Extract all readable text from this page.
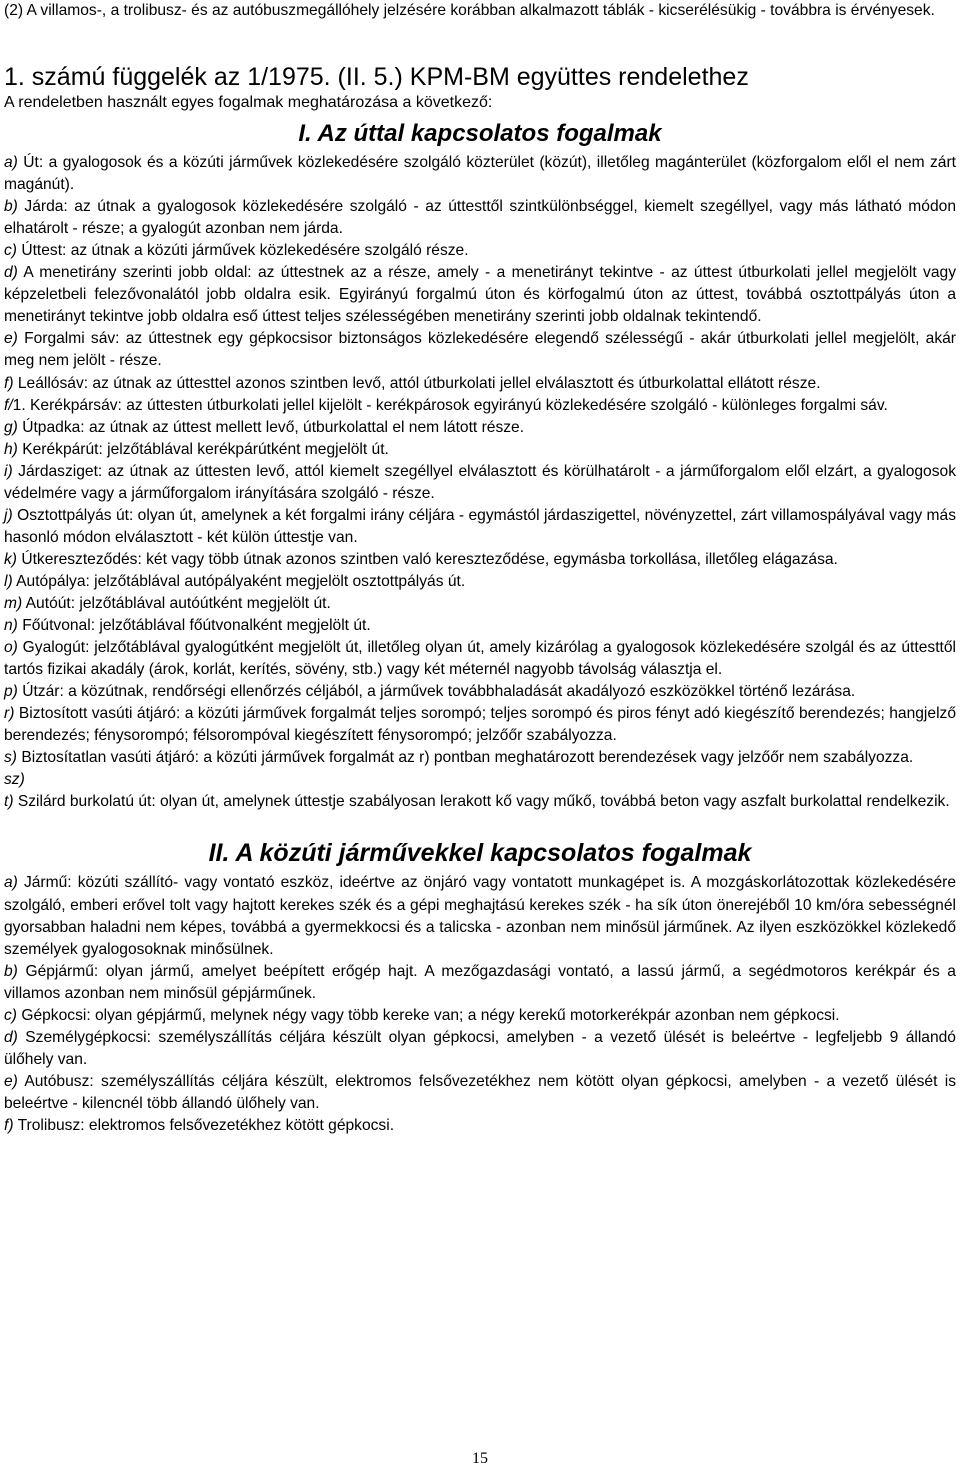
(2) A villamos-, a trolibusz- és az autóbuszmegállóhely jelzésére korábban alkalmazott táblák - kicserélésükig - továbbra is érvényesek.

1. számú függelék az 1/1975. (II. 5.) KPM-BM együttes rendelethez
A rendeletben használt egyes fogalmak meghatározása a következő:
I. Az úttal kapcsolatos fogalmak

a) Út: a gyalogosok és a közúti járművek közlekedésére szolgáló közterület (közút), illetőleg magánterület (közforgalom elől el nem zárt magánút).

b) Járda: az útnak a gyalogosok közlekedésére szolgáló - az úttesttől szintkülönbséggel, kiemelt szegéllyel, vagy más látható módon elhatárolt - része; a gyalogút azonban nem járda.

c) Úttest: az útnak a közúti járművek közlekedésére szolgáló része.

d) A menetirány szerinti jobb oldal: az úttestnek az a része, amely - a menetirányt tekintve - az úttest útburkolati jellel megjelölt vagy képzeletbeli felezővonalától jobb oldalra esik. Egyirányú forgalmú úton és körfogalmú úton az úttest, továbbá osztottpályás úton a menetirányt tekintve jobb oldalra eső úttest teljes szélességében menetirány szerinti jobb oldalnak tekintendő.

e) Forgalmi sáv: az úttestnek egy gépkocsisor biztonságos közlekedésére elegendő szélességű - akár útburkolati jellel megjelölt, akár meg nem jelölt - része.

f) Leállósáv: az útnak az úttesttel azonos szintben levő, attól útburkolati jellel elválasztott és útburkolattal ellátott része.

f/1. Kerékpársáv: az úttesten útburkolati jellel kijelölt - kerékpárosok egyirányú közlekedésére szolgáló - különleges forgalmi sáv.

g) Útpadka: az útnak az úttest mellett levő, útburkolattal el nem látott része.

h) Kerékpárút: jelzőtáblával kerékpárútként megjelölt út.

i) Járdasziget: az útnak az úttesten levő, attól kiemelt szegéllyel elválasztott és körülhatárolt - a járműforgalom elől elzárt, a gyalogosok védelmére vagy a járműforgalom irányítására szolgáló - része.

j) Osztottpályás út: olyan út, amelynek a két forgalmi irány céljára - egymástól járdaszigettel, növényzettel, zárt villamospályával vagy más hasonló módon elválasztott - két külön úttestje van.

k) Útkereszteződés: két vagy több útnak azonos szintben való kereszteződése, egymásba torkollása, illetőleg elágazása.

l) Autópálya: jelzőtáblával autópályaként megjelölt osztottpályás út.

m) Autóút: jelzőtáblával autóútként megjelölt út.

n) Főútvonal: jelzőtáblával főútvonalként megjelölt út.

o) Gyalogút: jelzőtáblával gyalogútként megjelölt út, illetőleg olyan út, amely kizárólag a gyalogosok közlekedésére szolgál és az úttesttől tartós fizikai akadály (árok, korlát, kerítés, sövény, stb.) vagy két méternél nagyobb távolság választja el.

p) Útzár: a közútnak, rendőrségi ellenőrzés céljából, a járművek továbbhaladását akadályozó eszközökkel történő lezárása.

r) Biztosított vasúti átjáró: a közúti járművek forgalmát teljes sorompó; teljes sorompó és piros fényt adó kiegészítő berendezés; hangjelző berendezés; fénysorompó; félsorompóval kiegészített fénysorompó; jelzőőr szabályozza.

s) Biztosítatlan vasúti átjáró: a közúti járművek forgalmát az r) pontban meghatározott berendezések vagy jelzőőr nem szabályozza.

sz)

t) Szilárd burkolatú út: olyan út, amelynek úttestje szabályosan lerakott kő vagy műkő, továbbá beton vagy aszfalt burkolattal rendelkezik.

II. A közúti járművekkel kapcsolatos fogalmak

a) Jármű: közúti szállító- vagy vontató eszköz, ideértve az önjáró vagy vontatott munkagépet is. A mozgáskorlátozottak közlekedésére szolgáló, emberi erővel tolt vagy hajtott kerekes szék és a gépi meghajtású kerekes szék - ha sík úton önerejéből 10 km/óra sebességnél gyorsabban haladni nem képes, továbbá a gyermekkocsi és a talicska - azonban nem minősül járműnek. Az ilyen eszközökkel közlekedő személyek gyalogosoknak minősülnek.

b) Gépjármű: olyan jármű, amelyet beépített erőgép hajt. A mezőgazdasági vontató, a lassú jármű, a segédmotoros kerékpár és a villamos azonban nem minősül gépjárműnek.

c) Gépkocsi: olyan gépjármű, melynek négy vagy több kereke van; a négy kerekű motorkerékpár azonban nem gépkocsi.

d) Személygépkocsi: személyszállítás céljára készült olyan gépkocsi, amelyben - a vezető ülését is beleértve - legfeljebb 9 állandó ülőhely van.

e) Autóbusz: személyszállítás céljára készült, elektromos felsővezetékhez nem kötött olyan gépkocsi, amelyben - a vezető ülését is beleértve - kilencnél több állandó ülőhely van.

f) Trolibusz: elektromos felsővezetékhez kötött gépkocsi.

15
